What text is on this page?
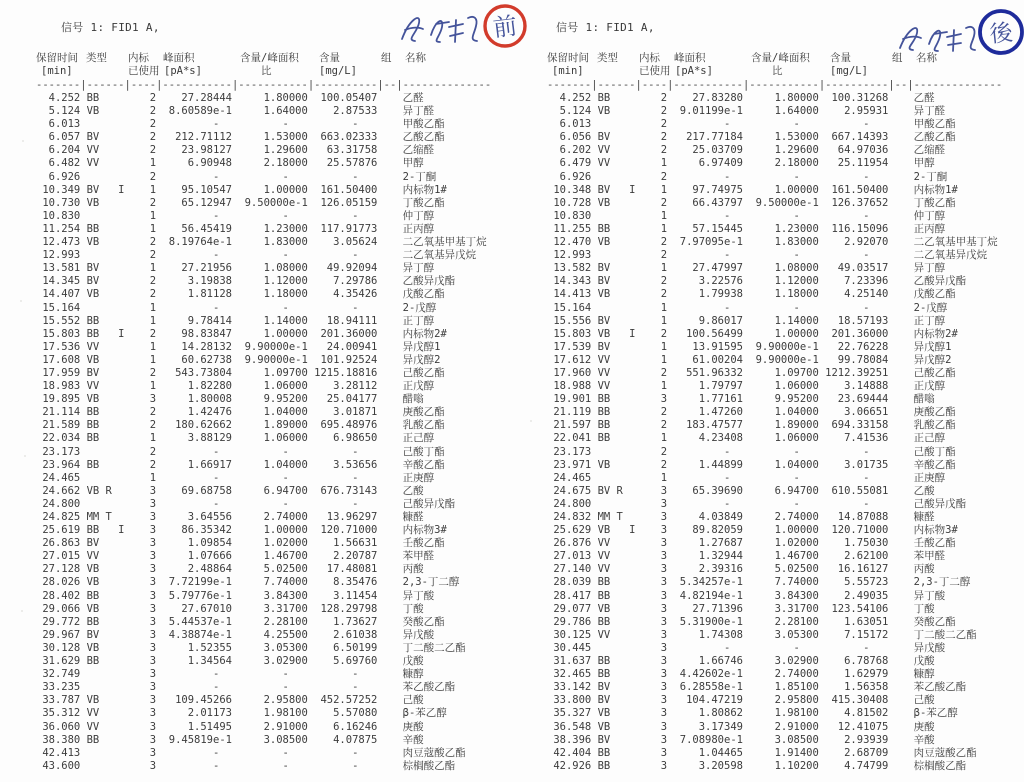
信号 1: FID1 A,
保留时间 类型 内标 峰面积	含量/峰面积 含量	组 名称
[min]	已使用 [pA*s]	比	[mg/L]
-------|------|----|-----------|-----------|----------|--|--------------
4.252 BB        2    27.28444     1.80000  100.05407    乙醛
5.124 VB        2  8.60589e-1     1.64000    2.87533    异丁醛
6.013           2         -          -          -       甲酸乙酯
6.057 BV        2   212.71112     1.53000  663.02333    乙酸乙酯
6.204 VV        2    23.98127     1.29600   63.31758    乙缩醛
6.482 VV        1     6.90948     2.18000   25.57876    甲醇
6.926           2         -          -          -       2-丁酮
10.349 BV   I    1    95.10547     1.00000  161.50400    内标物1#
10.730 VB        2    65.12947  9.50000e-1  126.05159    丁酸乙酯
10.830           1         -          -          -       仲丁醇
11.254 BB        1    56.45419     1.23000  117.91773    正丙醇
12.473 VB        2  8.19764e-1     1.83000    3.05624    二乙氧基甲基丁烷
12.993           2         -          -          -       二乙氧基异戊烷
13.581 BV        1    27.21956     1.08000   49.92094    异丁醇
14.345 BV        2     3.19838     1.12000    7.29786    乙酸异戊酯
14.407 VB        2     1.81128     1.18000    4.35426    戊酸乙酯
15.164           1         -          -          -       2-戊醇
15.552 BB        1     9.78414     1.14000   18.94111    正丁醇
15.803 BB   I    2    98.83847     1.00000  201.36000    内标物2#
17.536 VV        1    14.28132  9.90000e-1   24.00941    异戊醇1
17.608 VB        1    60.62738  9.90000e-1  101.92524    异戊醇2
17.959 BV        2   543.73804     1.09700 1215.18816    己酸乙酯
18.983 VV        1     1.82280     1.06000    3.28112    正戊醇
19.895 VB        3     1.80008     9.95200   25.04177    醋嗡
21.114 BB        2     1.42476     1.04000    3.01871    庚酸乙酯
21.589 BB        2   180.62662     1.89000  695.48976    乳酸乙酯
22.034 BB        1     3.88129     1.06000    6.98650    正己醇
23.173           2         -          -          -       己酸丁酯
23.964 BB        2     1.66917     1.04000    3.53656    辛酸乙酯
24.465           1         -          -          -       正庚醇
24.662 VB R      3    69.68758     6.94700  676.73143    乙酸
24.800           3         -          -          -       己酸异戊酯
24.825 MM T      3     3.64556     2.74000   13.96297    糠醛
25.619 BB   I    3    86.35342     1.00000  120.71000    内标物3#
26.863 BV        3     1.09854     1.02000    1.56631    壬酸乙酯
27.015 VV        3     1.07666     1.46700    2.20787    苯甲醛
27.128 VB        3     2.48864     5.02500   17.48081    丙酸
28.026 VB        3  7.72199e-1     7.74000    8.35476    2,3-丁二醇
28.402 BB        3  5.79776e-1     3.84300    3.11454    异丁酸
29.066 VB        3    27.67010     3.31700  128.29798    丁酸
29.772 BB        3  5.44537e-1     2.28100    1.73627    癸酸乙酯
29.967 BV        3  4.38874e-1     4.25500    2.61038    异戊酸
30.128 VB        3     1.52355     3.05300    6.50199    丁二酸二乙酯
31.629 BB        3     1.34564     3.02900    5.69760    戊酸
32.749           3         -          -          -       糠醇
33.235           3         -          -          -       苯乙酸乙酯
33.787 VB        3   109.45266     2.95800  452.57252    己酸
35.312 VV        3     2.01173     1.98100    5.57080    β-苯乙醇
36.060 VV        3     1.51495     2.91000    6.16246    庚酸
38.380 BB        3  9.45819e-1     3.08500    4.07875    辛酸
42.413           3         -          -          -       肉豆蔻酸乙酯
43.600           3         -          -          -       棕榈酸乙酯
信号 1: FID1 A,
保留时间 类型 内标 峰面积	含量/峰面积 含量	组 名称
[min]	已使用 [pA*s]	比	[mg/L]
-------|------|----|-----------|-----------|----------|--|--------------
4.252 BB        2    27.83280     1.80000  100.31268    乙醛
5.124 VB        2  9.01199e-1     1.64000    2.95931    异丁醛
6.013           2         -          -          -       甲酸乙酯
6.056 BV        2   217.77184     1.53000  667.14393    乙酸乙酯
6.202 VV        2    25.03709     1.29600   64.97036    乙缩醛
6.479 VV        1     6.97409     2.18000   25.11954    甲醇
6.926           2         -          -          -       2-丁酮
10.348 BV   I    1    97.74975     1.00000  161.50400    内标物1#
10.728 VB        2    66.43797  9.50000e-1  126.37652    丁酸乙酯
10.830           1         -          -          -       仲丁醇
11.255 BB        1    57.15445     1.23000  116.15096    正丙醇
12.470 VB        2  7.97095e-1     1.83000    2.92070    二乙氧基甲基丁烷
12.993           2         -          -          -       二乙氧基异戊烷
13.582 BV        1    27.47997     1.08000   49.03517    异丁醇
14.343 BV        2     3.22576     1.12000    7.23396    乙酸异戊酯
14.413 VB        2     1.79938     1.18000    4.25140    戊酸乙酯
15.164           1         -          -          -       2-戊醇
15.556 BV        1     9.86017     1.14000   18.57193    正丁醇
15.803 VB   I    2   100.56499     1.00000  201.36000    内标物2#
17.539 BV        1    13.91595  9.90000e-1   22.76228    异戊醇1
17.612 VV        1    61.00204  9.90000e-1   99.78084    异戊醇2
17.960 VV        2   551.96332     1.09700 1212.39251    己酸乙酯
18.988 VV        1     1.79797     1.06000    3.14888    正戊醇
19.901 BB        3     1.77161     9.95200   23.69444    醋嗡
21.119 BB        2     1.47260     1.04000    3.06651    庚酸乙酯
21.597 BB        2   183.47577     1.89000  694.33158    乳酸乙酯
22.041 BB        1     4.23408     1.06000    7.41536    正己醇
23.173           2         -          -          -       己酸丁酯
23.971 VB        2     1.44899     1.04000    3.01735    辛酸乙酯
24.465           1         -          -          -       正庚醇
24.675 BV R      3    65.39690     6.94700  610.55081    乙酸
24.800           3         -          -          -       己酸异戊酯
24.832 MM T      3     4.03849     2.74000   14.87088    糠醛
25.629 VB   I    3    89.82059     1.00000  120.71000    内标物3#
26.876 VV        3     1.27687     1.02000    1.75030    壬酸乙酯
27.013 VV        3     1.32944     1.46700    2.62100    苯甲醛
27.140 VV        3     2.39316     5.02500   16.16127    丙酸
28.039 BB        3  5.34257e-1     7.74000    5.55723    2,3-丁二醇
28.417 BB        3  4.82194e-1     3.84300    2.49035    异丁酸
29.077 VB        3    27.71396     3.31700  123.54106    丁酸
29.786 BB        3  5.31900e-1     2.28100    1.63051    癸酸乙酯
30.125 VV        3     1.74308     3.05300    7.15172    丁二酸二乙酯
30.445           3         -          -          -       异戊酸
31.637 BB        3     1.66746     3.02900    6.78768    戊酸
32.465 BB        3  4.42602e-1     2.74000    1.62979    糠醇
33.142 BV        3  6.28558e-1     1.85100    1.56358    苯乙酸乙酯
33.800 BV        3   104.47219     2.95800  415.30408    己酸
35.327 VB        3     1.80862     1.98100    4.81502    β-苯乙醇
36.548 VB        3     3.17349     2.91000   12.41075    庚酸
38.396 BV        3  7.08980e-1     3.08500    2.93939    辛酸
42.404 BB        3     1.04465     1.91400    2.68709    肉豆蔻酸乙酯
42.926 BB        3     3.20598     1.10200    4.74799    棕榈酸乙酯
前	後
